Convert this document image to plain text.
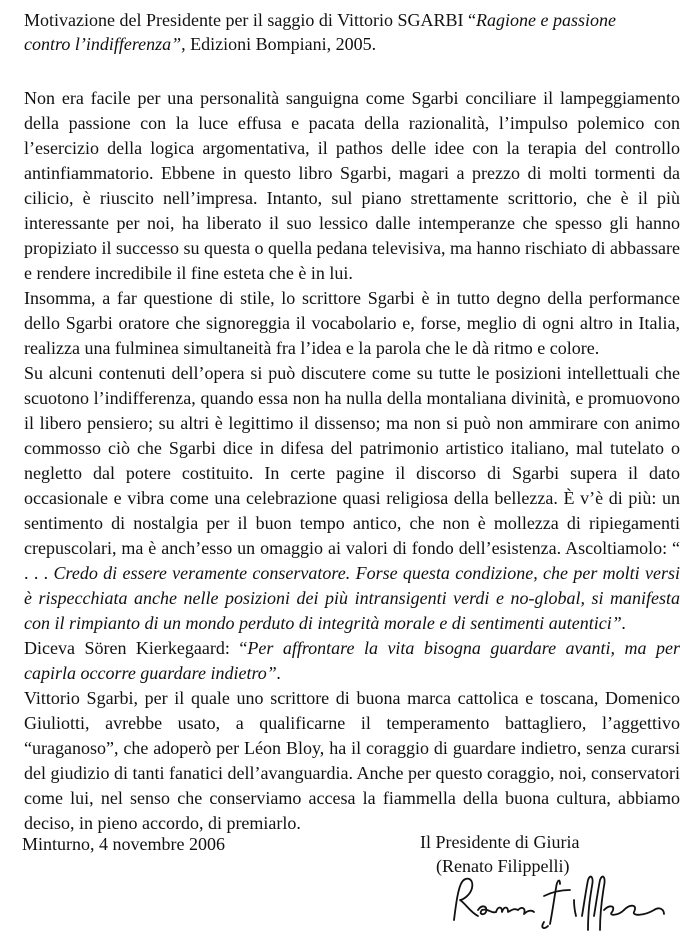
Motivazione del Presidente per il saggio di Vittorio SGARBI “Ragione e passione
contro l’indifferenza”, Edizioni Bompiani, 2005.

Non era facile per una personalità sanguigna come Sgarbi conciliare il lampeggiamento della passione con la luce effusa e pacata della razionalità, l’impulso polemico con l’esercizio della logica argomentativa, il pathos delle idee con la terapia del controllo antinfiammatorio. Ebbene in questo libro Sgarbi, magari a prezzo di molti tormenti da cilicio, è riuscito nell’impresa. Intanto, sul piano strettamente scrittorio, che è il più interessante per noi, ha liberato il suo lessico dalle intemperanze che spesso gli hanno propiziato il successo su questa o quella pedana televisiva, ma hanno rischiato di abbassare e rendere incredibile il fine esteta che è in lui.

Insomma, a far questione di stile, lo scrittore Sgarbi è in tutto degno della performance dello Sgarbi oratore che signoreggia il vocabolario e, forse, meglio di ogni altro in Italia, realizza una fulminea simultaneità fra l’idea e la parola che le dà ritmo e colore.

Su alcuni contenuti dell’opera si può discutere come su tutte le posizioni intellettuali che scuotono l’indifferenza, quando essa non ha nulla della montaliana divinità, e promuovono il libero pensiero; su altri è legittimo il dissenso; ma non si può non ammirare con animo commosso ciò che Sgarbi dice in difesa del patrimonio artistico italiano, mal tutelato o negletto dal potere costituito. In certe pagine il discorso di Sgarbi supera il dato occasionale e vibra come una celebrazione quasi religiosa della bellezza. È v’è di più: un sentimento di nostalgia per il buon tempo antico, che non è mollezza di ripiegamenti crepuscolari, ma è anch’esso un omaggio ai valori di fondo dell’esistenza. Ascoltiamolo: “ . . . Credo di essere veramente conservatore. Forse questa condizione, che per molti versi è rispecchiata anche nelle posizioni dei più intransigenti verdi e no-global, si manifesta con il rimpianto di un mondo perduto di integrità morale e di sentimenti autentici”.

Diceva Sören Kierkegaard: “Per affrontare la vita bisogna guardare avanti, ma per capirla occorre guardare indietro”.

Vittorio Sgarbi, per il quale uno scrittore di buona marca cattolica e toscana, Domenico Giuliotti, avrebbe usato, a qualificarne il temperamento battagliero, l’aggettivo “uraganoso”, che adoperò per Léon Bloy, ha il coraggio di guardare indietro, senza curarsi del giudizio di tanti fanatici dell’avanguardia. Anche per questo coraggio, noi, conservatori come lui, nel senso che conserviamo accesa la fiammella della buona cultura, abbiamo deciso, in pieno accordo, di premiarlo.

Minturno, 4 novembre 2006	Il Presidente di Giuria
(Renato Filippelli)
